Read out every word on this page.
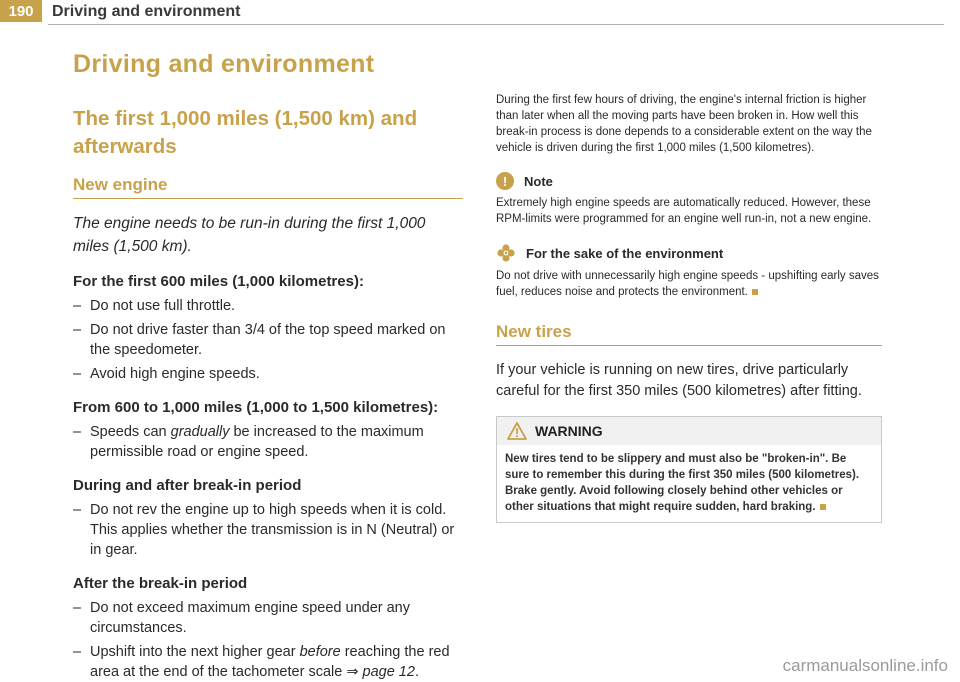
190	Driving and environment
Driving and environment
The first 1,000 miles (1,500 km) and afterwards
New engine

The engine needs to be run-in during the first 1,000 miles (1,500 km).

For the first 600 miles (1,000 kilometres):
– Do not use full throttle.
– Do not drive faster than 3/4 of the top speed marked on the speedometer.
– Avoid high engine speeds.
From 600 to 1,000 miles (1,000 to 1,500 kilometres):
– Speeds can gradually be increased to the maximum permissible road or engine speed.
During and after break-in period
– Do not rev the engine up to high speeds when it is cold. This applies whether the transmission is in N (Neutral) or in gear.
After the break-in period
– Do not exceed maximum engine speed under any circumstances.
– Upshift into the next higher gear before reaching the red area at the end of the tachometer scale ⇒ page 12.

During the first few hours of driving, the engine's internal friction is higher than later when all the moving parts have been broken in. How well this break-in process is done depends to a considerable extent on the way the vehicle is driven during the first 1,000 miles (1,500 kilometres).

!	Note

Extremely high engine speeds are automatically reduced. However, these RPM-limits were programmed for an engine well run-in, not a new engine.

For the sake of the environment

Do not drive with unnecessarily high engine speeds - upshifting early saves fuel, reduces noise and protects the environment.

New tires

If your vehicle is running on new tires, drive particularly careful for the first 350 miles (500 kilometres) after fitting.

WARNING
New tires tend to be slippery and must also be "broken-in". Be sure to remember this during the first 350 miles (500 kilometres). Brake gently. Avoid following closely behind other vehicles or other situations that might require sudden, hard braking.
carmanualsonline.info
